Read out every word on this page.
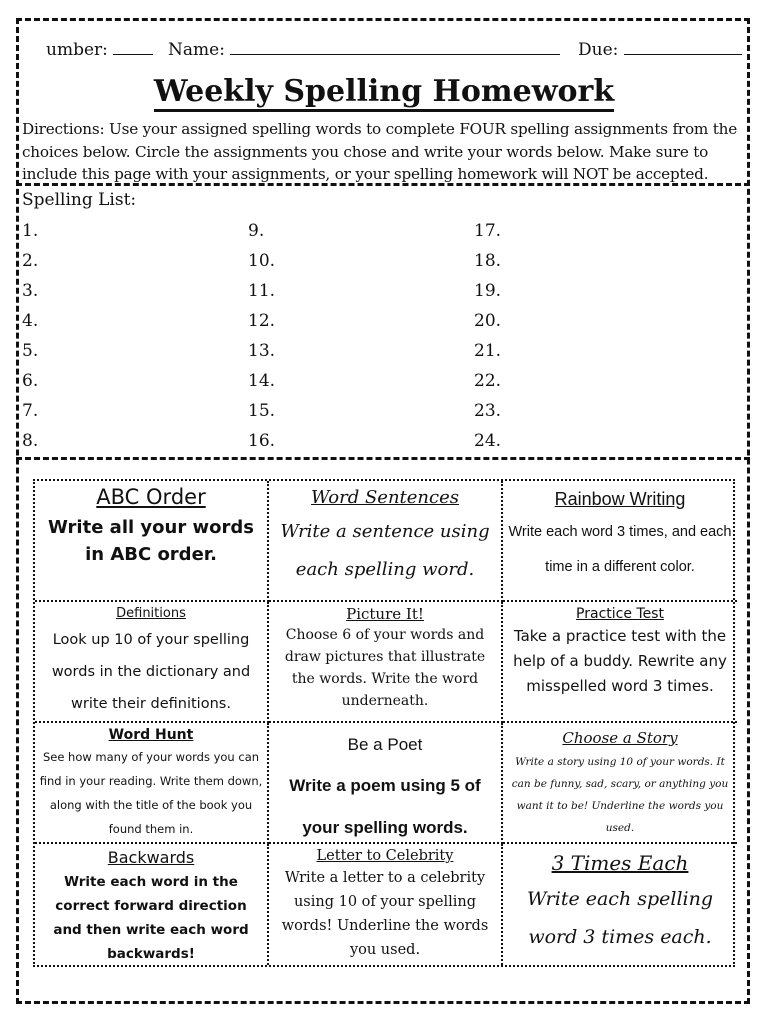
umber:	Name:	Due:
Weekly Spelling Homework
Directions: Use your assigned spelling words to complete FOUR spelling assignments from the choices below. Circle the assignments you chose and write your words below. Make sure to include this page with your assignments, or your spelling homework will NOT be accepted.
Spelling List:
1.
2.
3.
4.
5.
6.
7.
8.
9.
10.
11.
12.
13.
14.
15.
16.
17.
18.
19.
20.
21.
22.
23.
24.
ABC Order
Write all your words in ABC order.
Word Sentences
Write a sentence using each spelling word.
Rainbow Writing
Write each word 3 times, and each time in a different color.
Definitions
Look up 10 of your spelling words in the dictionary and write their definitions.
Picture It!
Choose 6 of your words and draw pictures that illustrate the words. Write the word underneath.
Practice Test
Take a practice test with the help of a buddy. Rewrite any misspelled word 3 times.
Word Hunt
See how many of your words you can find in your reading. Write them down, along with the title of the book you found them in.
Be a Poet
Write a poem using 5 of your spelling words.
Choose a Story
Write a story using 10 of your words. It can be funny, sad, scary, or anything you want it to be! Underline the words you used.
Backwards
Write each word in the correct forward direction and then write each word backwards!
Letter to Celebrity
Write a letter to a celebrity using 10 of your spelling words! Underline the words you used.
3 Times Each
Write each spelling word 3 times each.
